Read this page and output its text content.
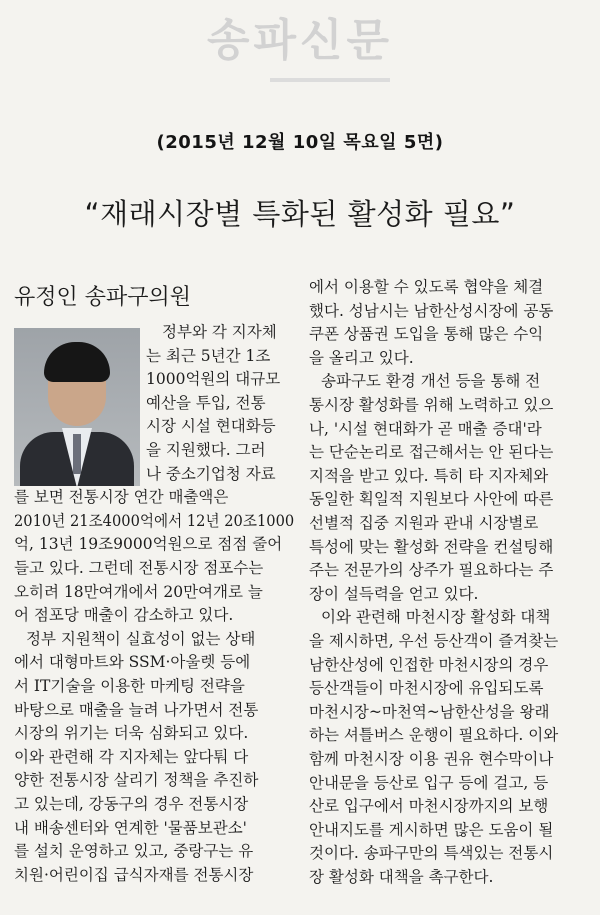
송파신문
(2015년 12월 10일 목요일 5면)
“재래시장별 특화된 활성화 필요”
유정인 송파구의원
정부와 각 지자체
는 최근 5년간 1조
1000억원의 대규모
예산을 투입, 전통
시장 시설 현대화등
을 지원했다. 그러
나 중소기업청 자료
를 보면 전통시장 연간 매출액은
2010년 21조4000억에서 12년 20조1000
억, 13년 19조9000억원으로 점점 줄어
들고 있다. 그런데 전통시장 점포수는
오히려 18만여개에서 20만여개로 늘
어 점포당 매출이 감소하고 있다.
정부 지원책이 실효성이 없는 상태
에서 대형마트와 SSM·아울렛 등에
서 IT기술을 이용한 마케팅 전략을
바탕으로 매출을 늘려 나가면서 전통
시장의 위기는 더욱 심화되고 있다.
이와 관련해 각 지자체는 앞다퉈 다
양한 전통시장 살리기 정책을 추진하
고 있는데, 강동구의 경우 전통시장
내 배송센터와 연계한 '물품보관소'
를 설치 운영하고 있고, 중랑구는 유
치원·어린이집 급식자재를 전통시장
에서 이용할 수 있도록 협약을 체결
했다. 성남시는 남한산성시장에 공동
쿠폰 상품권 도입을 통해 많은 수익
을 올리고 있다.
송파구도 환경 개선 등을 통해 전
통시장 활성화를 위해 노력하고 있으
나, '시설 현대화가 곧 매출 증대'라
는 단순논리로 접근해서는 안 된다는
지적을 받고 있다. 특히 타 지자체와
동일한 획일적 지원보다 사안에 따른
선별적 집중 지원과 관내 시장별로
특성에 맞는 활성화 전략을 컨설팅해
주는 전문가의 상주가 필요하다는 주
장이 설득력을 얻고 있다.
이와 관련해 마천시장 활성화 대책
을 제시하면, 우선 등산객이 즐겨찾는
남한산성에 인접한 마천시장의 경우
등산객들이 마천시장에 유입되도록
마천시장~마천역~남한산성을 왕래
하는 셔틀버스 운행이 필요하다. 이와
함께 마천시장 이용 권유 현수막이나
안내문을 등산로 입구 등에 걸고, 등
산로 입구에서 마천시장까지의 보행
안내지도를 게시하면 많은 도움이 될
것이다. 송파구만의 특색있는 전통시
장 활성화 대책을 촉구한다.
